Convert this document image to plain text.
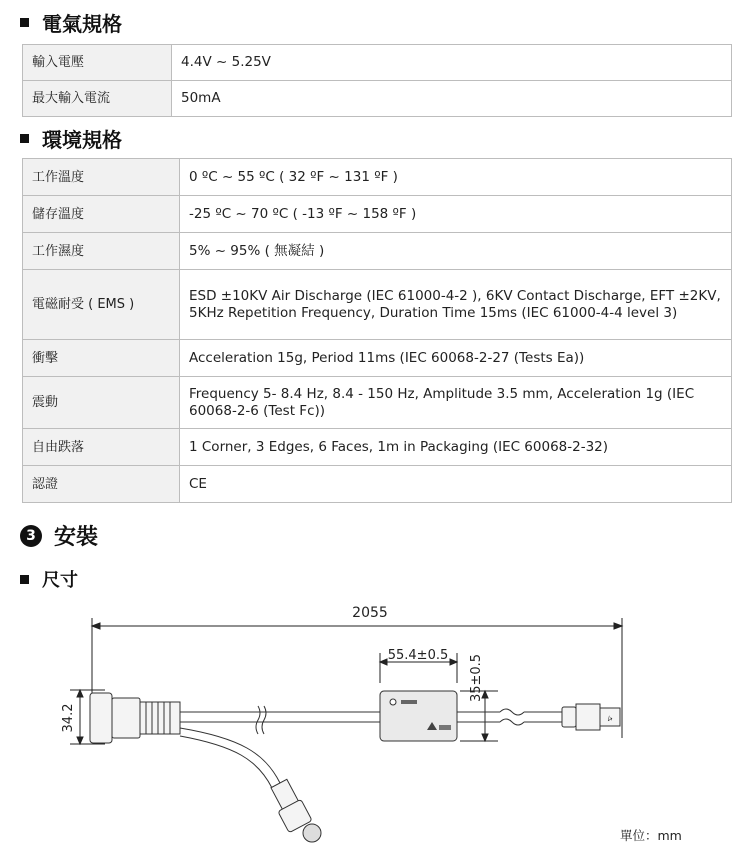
電氣規格
輸入電壓	4.4V ~ 5.25V
最大輸入電流	50mA
環境規格
工作溫度	0 ºC ~ 55 ºC ( 32 ºF ~ 131 ºF )
儲存溫度	-25 ºC ~ 70 ºC ( -13 ºF ~ 158 ºF )
工作濕度	5% ~ 95% ( 無凝結 )
電磁耐受 ( EMS )	ESD ±10KV Air Discharge (IEC 61000-4-2 ), 6KV Contact Discharge, EFT ±2KV, 5KHz Repetition Frequency, Duration Time 15ms (IEC 61000-4-4 level 3)
衝擊	Acceleration 15g, Period 11ms (IEC 60068-2-27 (Tests Ea))
震動	Frequency 5- 8.4 Hz, 8.4 - 150 Hz, Amplitude 3.5 mm, Acceleration 1g (IEC 60068-2-6 (Test Fc))
自由跌落	1 Corner, 3 Edges, 6 Faces, 1m in Packaging (IEC 60068-2-32)
認證	CE
3 安裝
尺寸
2055
55.4±0.5 35±0.5
34.2	⭟
單位：mm
